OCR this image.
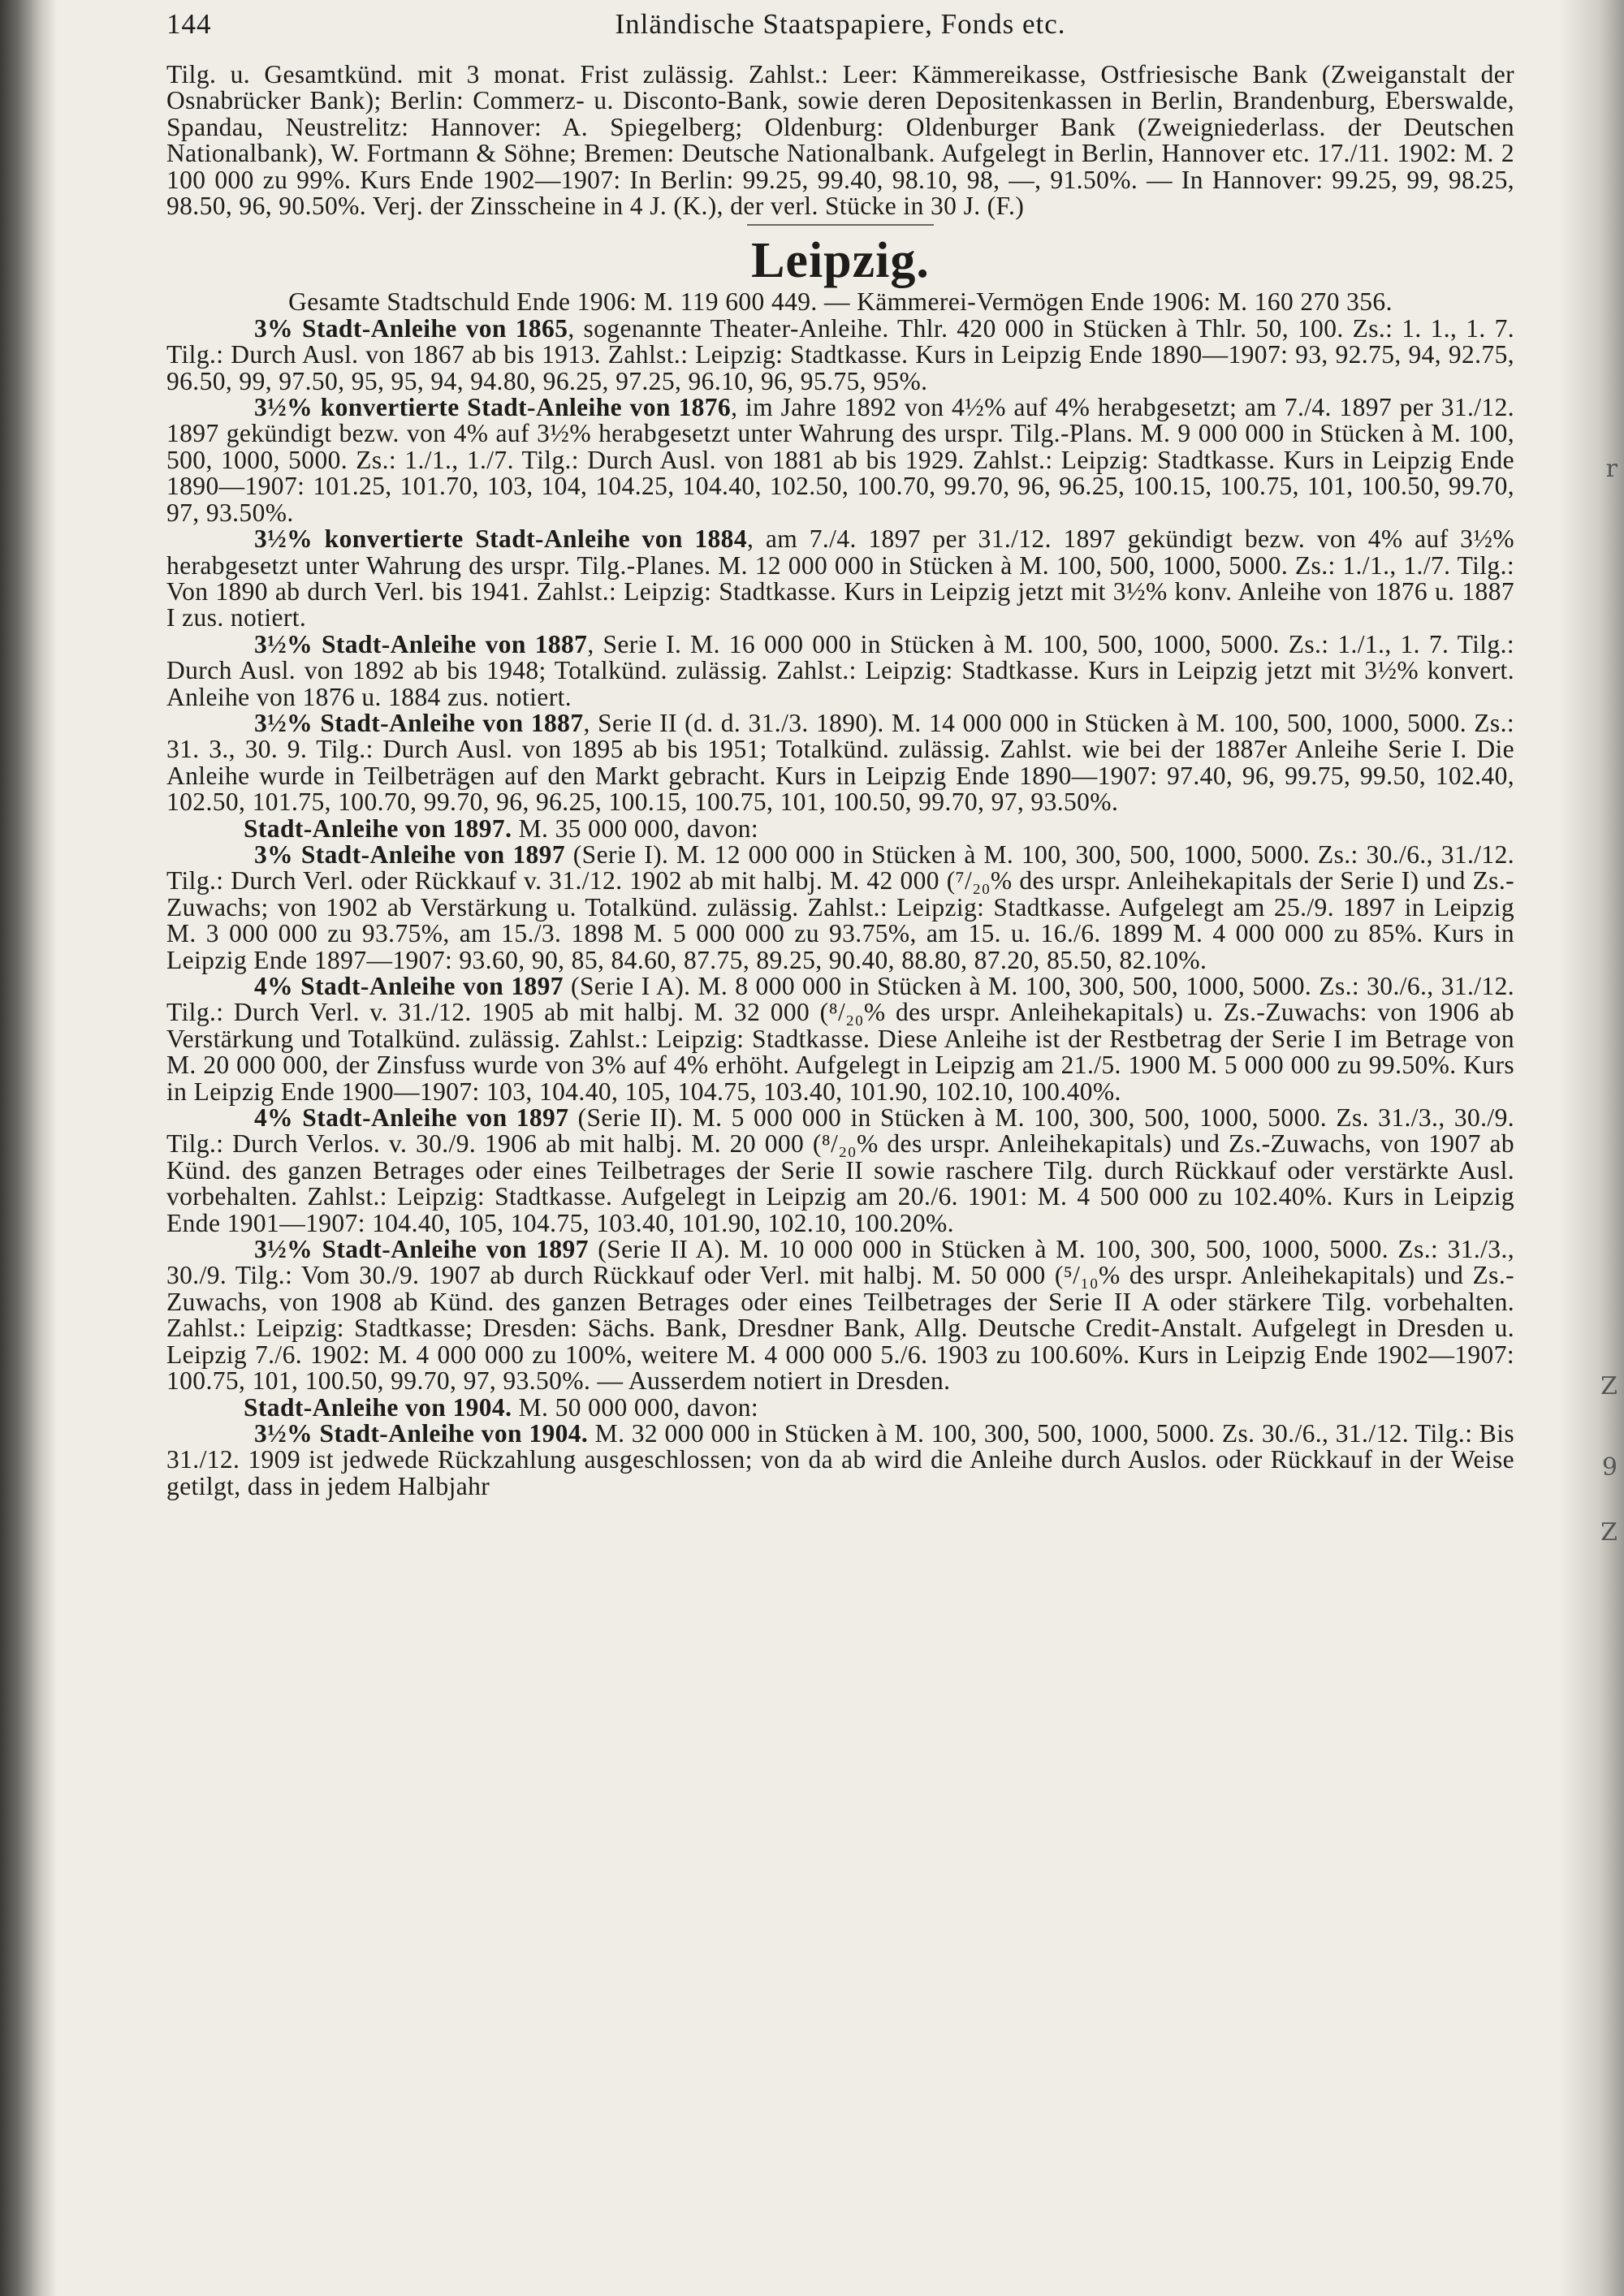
r
Z
9
Z
144	Inländische Staatspapiere, Fonds etc.

Tilg. u. Gesamtkünd. mit 3 monat. Frist zulässig. Zahlst.: Leer: Kämmereikasse, Ostfriesische Bank (Zweiganstalt der Osnabrücker Bank); Berlin: Commerz- u. Disconto-Bank, sowie deren Depositenkassen in Berlin, Brandenburg, Eberswalde, Spandau, Neustrelitz: Hannover: A. Spiegelberg; Oldenburg: Oldenburger Bank (Zweigniederlass. der Deutschen Nationalbank), W. Fortmann & Söhne; Bremen: Deutsche Nationalbank. Aufgelegt in Berlin, Hannover etc. 17./11. 1902: M. 2 100 000 zu 99%. Kurs Ende 1902—1907: In Berlin: 99.25, 99.40, 98.10, 98, —, 91.50%. — In Hannover: 99.25, 99, 98.25, 98.50, 96, 90.50%. Verj. der Zinsscheine in 4 J. (K.), der verl. Stücke in 30 J. (F.)

Leipzig.
Gesamte Stadtschuld Ende 1906: M. 119 600 449. — Kämmerei-Vermögen Ende 1906: M. 160 270 356.

3% Stadt-Anleihe von 1865, sogenannte Theater-Anleihe. Thlr. 420 000 in Stücken à Thlr. 50, 100. Zs.: 1. 1., 1. 7. Tilg.: Durch Ausl. von 1867 ab bis 1913. Zahlst.: Leipzig: Stadtkasse. Kurs in Leipzig Ende 1890—1907: 93, 92.75, 94, 92.75, 96.50, 99, 97.50, 95, 95, 94, 94.80, 96.25, 97.25, 96.10, 96, 95.75, 95%.

3½% konvertierte Stadt-Anleihe von 1876, im Jahre 1892 von 4½% auf 4% herabgesetzt; am 7./4. 1897 per 31./12. 1897 gekündigt bezw. von 4% auf 3½% herabgesetzt unter Wahrung des urspr. Tilg.-Plans. M. 9 000 000 in Stücken à M. 100, 500, 1000, 5000. Zs.: 1./1., 1./7. Tilg.: Durch Ausl. von 1881 ab bis 1929. Zahlst.: Leipzig: Stadtkasse. Kurs in Leipzig Ende 1890—1907: 101.25, 101.70, 103, 104, 104.25, 104.40, 102.50, 100.70, 99.70, 96, 96.25, 100.15, 100.75, 101, 100.50, 99.70, 97, 93.50%.

3½% konvertierte Stadt-Anleihe von 1884, am 7./4. 1897 per 31./12. 1897 gekündigt bezw. von 4% auf 3½% herabgesetzt unter Wahrung des urspr. Tilg.-Planes. M. 12 000 000 in Stücken à M. 100, 500, 1000, 5000. Zs.: 1./1., 1./7. Tilg.: Von 1890 ab durch Verl. bis 1941. Zahlst.: Leipzig: Stadtkasse. Kurs in Leipzig jetzt mit 3½% konv. Anleihe von 1876 u. 1887 I zus. notiert.

3½% Stadt-Anleihe von 1887, Serie I. M. 16 000 000 in Stücken à M. 100, 500, 1000, 5000. Zs.: 1./1., 1. 7. Tilg.: Durch Ausl. von 1892 ab bis 1948; Totalkünd. zulässig. Zahlst.: Leipzig: Stadtkasse. Kurs in Leipzig jetzt mit 3½% konvert. Anleihe von 1876 u. 1884 zus. notiert.

3½% Stadt-Anleihe von 1887, Serie II (d. d. 31./3. 1890). M. 14 000 000 in Stücken à M. 100, 500, 1000, 5000. Zs.: 31. 3., 30. 9. Tilg.: Durch Ausl. von 1895 ab bis 1951; Totalkünd. zulässig. Zahlst. wie bei der 1887er Anleihe Serie I. Die Anleihe wurde in Teilbeträgen auf den Markt gebracht. Kurs in Leipzig Ende 1890—1907: 97.40, 96, 99.75, 99.50, 102.40, 102.50, 101.75, 100.70, 99.70, 96, 96.25, 100.15, 100.75, 101, 100.50, 99.70, 97, 93.50%.

Stadt-Anleihe von 1897. M. 35 000 000, davon:

3% Stadt-Anleihe von 1897 (Serie I). M. 12 000 000 in Stücken à M. 100, 300, 500, 1000, 5000. Zs.: 30./6., 31./12. Tilg.: Durch Verl. oder Rückkauf v. 31./12. 1902 ab mit halbj. M. 42 000 (⁷/₂₀% des urspr. Anleihekapitals der Serie I) und Zs.-Zuwachs; von 1902 ab Verstärkung u. Totalkünd. zulässig. Zahlst.: Leipzig: Stadtkasse. Aufgelegt am 25./9. 1897 in Leipzig M. 3 000 000 zu 93.75%, am 15./3. 1898 M. 5 000 000 zu 93.75%, am 15. u. 16./6. 1899 M. 4 000 000 zu 85%. Kurs in Leipzig Ende 1897—1907: 93.60, 90, 85, 84.60, 87.75, 89.25, 90.40, 88.80, 87.20, 85.50, 82.10%.

4% Stadt-Anleihe von 1897 (Serie I A). M. 8 000 000 in Stücken à M. 100, 300, 500, 1000, 5000. Zs.: 30./6., 31./12. Tilg.: Durch Verl. v. 31./12. 1905 ab mit halbj. M. 32 000 (⁸/₂₀% des urspr. Anleihekapitals) u. Zs.-Zuwachs: von 1906 ab Verstärkung und Totalkünd. zulässig. Zahlst.: Leipzig: Stadtkasse. Diese Anleihe ist der Restbetrag der Serie I im Betrage von M. 20 000 000, der Zinsfuss wurde von 3% auf 4% erhöht. Aufgelegt in Leipzig am 21./5. 1900 M. 5 000 000 zu 99.50%. Kurs in Leipzig Ende 1900—1907: 103, 104.40, 105, 104.75, 103.40, 101.90, 102.10, 100.40%.

4% Stadt-Anleihe von 1897 (Serie II). M. 5 000 000 in Stücken à M. 100, 300, 500, 1000, 5000. Zs. 31./3., 30./9. Tilg.: Durch Verlos. v. 30./9. 1906 ab mit halbj. M. 20 000 (⁸/₂₀% des urspr. Anleihekapitals) und Zs.-Zuwachs, von 1907 ab Künd. des ganzen Betrages oder eines Teilbetrages der Serie II sowie raschere Tilg. durch Rückkauf oder verstärkte Ausl. vorbehalten. Zahlst.: Leipzig: Stadtkasse. Aufgelegt in Leipzig am 20./6. 1901: M. 4 500 000 zu 102.40%. Kurs in Leipzig Ende 1901—1907: 104.40, 105, 104.75, 103.40, 101.90, 102.10, 100.20%.

3½% Stadt-Anleihe von 1897 (Serie II A). M. 10 000 000 in Stücken à M. 100, 300, 500, 1000, 5000. Zs.: 31./3., 30./9. Tilg.: Vom 30./9. 1907 ab durch Rückkauf oder Verl. mit halbj. M. 50 000 (⁵/₁₀% des urspr. Anleihekapitals) und Zs.-Zuwachs, von 1908 ab Künd. des ganzen Betrages oder eines Teilbetrages der Serie II A oder stärkere Tilg. vorbehalten. Zahlst.: Leipzig: Stadtkasse; Dresden: Sächs. Bank, Dresdner Bank, Allg. Deutsche Credit-Anstalt. Aufgelegt in Dresden u. Leipzig 7./6. 1902: M. 4 000 000 zu 100%, weitere M. 4 000 000 5./6. 1903 zu 100.60%. Kurs in Leipzig Ende 1902—1907: 100.75, 101, 100.50, 99.70, 97, 93.50%. — Ausserdem notiert in Dresden.

Stadt-Anleihe von 1904. M. 50 000 000, davon:

3½% Stadt-Anleihe von 1904. M. 32 000 000 in Stücken à M. 100, 300, 500, 1000, 5000. Zs. 30./6., 31./12. Tilg.: Bis 31./12. 1909 ist jedwede Rückzahlung ausgeschlossen; von da ab wird die Anleihe durch Auslos. oder Rückkauf in der Weise getilgt, dass in jedem Halbjahr
